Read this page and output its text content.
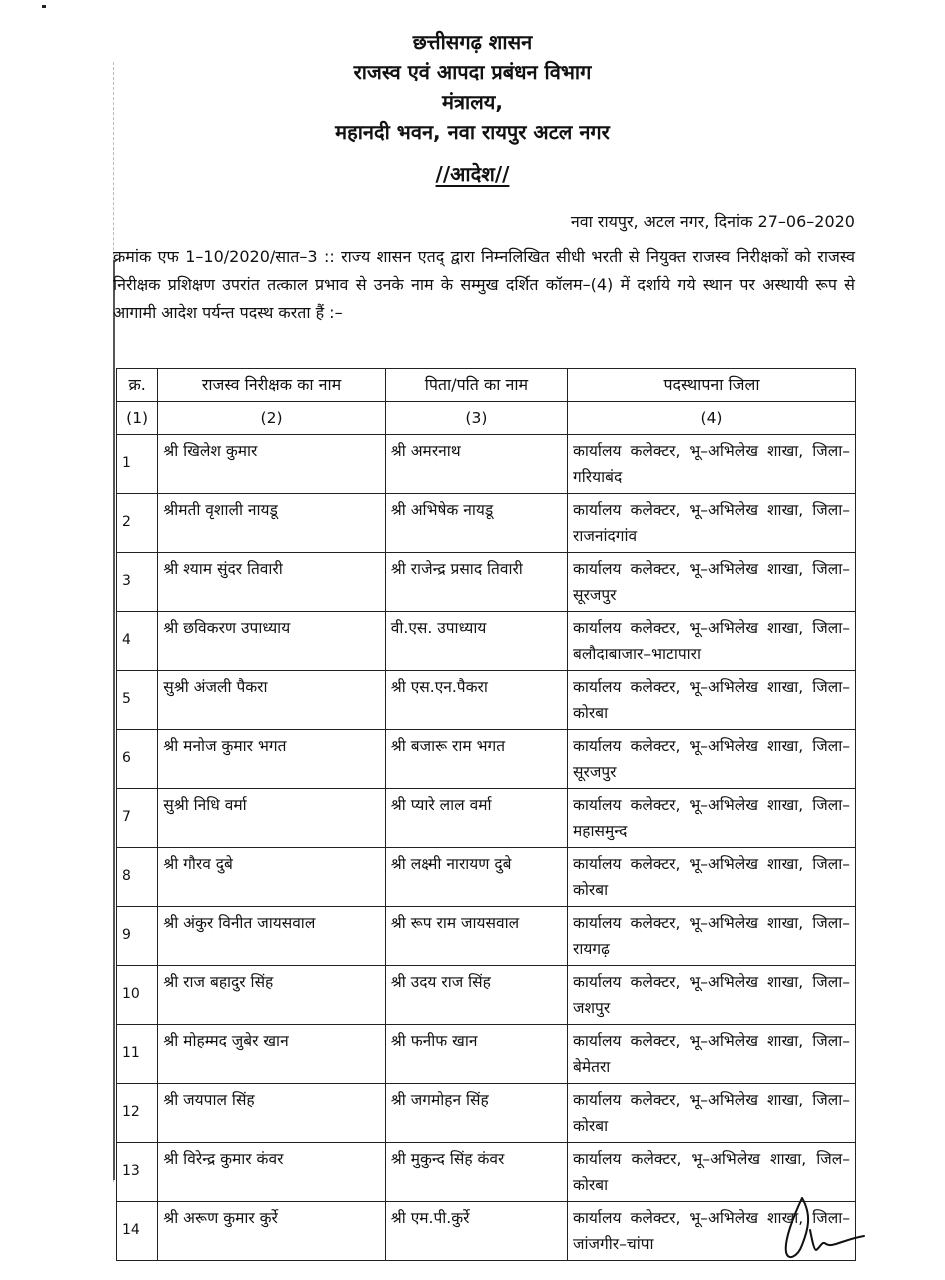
छत्तीसगढ़ शासन
राजस्व एवं आपदा प्रबंधन विभाग
मंत्रालय,
महानदी भवन, नवा रायपुर अटल नगर
//आदेश//
नवा रायपुर, अटल नगर, दिनांक 27–06–2020
क्रमांक एफ 1–10/2020/सात–3 :: राज्य शासन एतद् द्वारा निम्नलिखित सीधी भरती से नियुक्त राजस्व निरीक्षकों को राजस्व निरीक्षक प्रशिक्षण उपरांत तत्काल प्रभाव से उनके नाम के सम्मुख दर्शित कॉलम–(4) में दर्शाये गये स्थान पर अस्थायी रूप से आगामी आदेश पर्यन्त पदस्थ करता हैं :–
क्र.	राजस्व निरीक्षक का नाम	पिता/पति का नाम	पदस्थापना जिला
(1)	(2)	(3)	(4)
1	श्री खिलेश कुमार	श्री अमरनाथ	कार्यालय कलेक्टर, भू–अभिलेख शाखा, जिला–गरियाबंद
2	श्रीमती वृशाली नायडू	श्री अभिषेक नायडू	कार्यालय कलेक्टर, भू–अभिलेख शाखा, जिला–राजनांदगांव
3	श्री श्याम सुंदर तिवारी	श्री राजेन्द्र प्रसाद तिवारी	कार्यालय कलेक्टर, भू–अभिलेख शाखा, जिला–सूरजपुर
4	श्री छविकरण उपाध्याय	वी.एस. उपाध्याय	कार्यालय कलेक्टर, भू–अभिलेख शाखा, जिला–बलौदाबाजार–भाटापारा
5	सुश्री अंजली पैकरा	श्री एस.एन.पैकरा	कार्यालय कलेक्टर, भू–अभिलेख शाखा, जिला–कोरबा
6	श्री मनोज कुमार भगत	श्री बजारू राम भगत	कार्यालय कलेक्टर, भू–अभिलेख शाखा, जिला–सूरजपुर
7	सुश्री निधि वर्मा	श्री प्यारे लाल वर्मा	कार्यालय कलेक्टर, भू–अभिलेख शाखा, जिला–महासमुन्द
8	श्री गौरव दुबे	श्री लक्ष्मी नारायण दुबे	कार्यालय कलेक्टर, भू–अभिलेख शाखा, जिला–कोरबा
9	श्री अंकुर विनीत जायसवाल	श्री रूप राम जायसवाल	कार्यालय कलेक्टर, भू–अभिलेख शाखा, जिला–रायगढ़
10	श्री राज बहादुर सिंह	श्री उदय राज सिंह	कार्यालय कलेक्टर, भू–अभिलेख शाखा, जिला–जशपुर
11	श्री मोहम्मद जुबेर खान	श्री फनीफ खान	कार्यालय कलेक्टर, भू–अभिलेख शाखा, जिला–बेमेतरा
12	श्री जयपाल सिंह	श्री जगमोहन सिंह	कार्यालय कलेक्टर, भू–अभिलेख शाखा, जिला–कोरबा
13	श्री विरेन्द्र कुमार कंवर	श्री मुकुन्द सिंह कंवर	कार्यालय कलेक्टर, भू–अभिलेख शाखा, जिल–कोरबा
14	श्री अरूण कुमार कुर्रे	श्री एम.पी.कुर्रे	कार्यालय कलेक्टर, भू–अभिलेख शाखा, जिला–जांजगीर–चांपा
